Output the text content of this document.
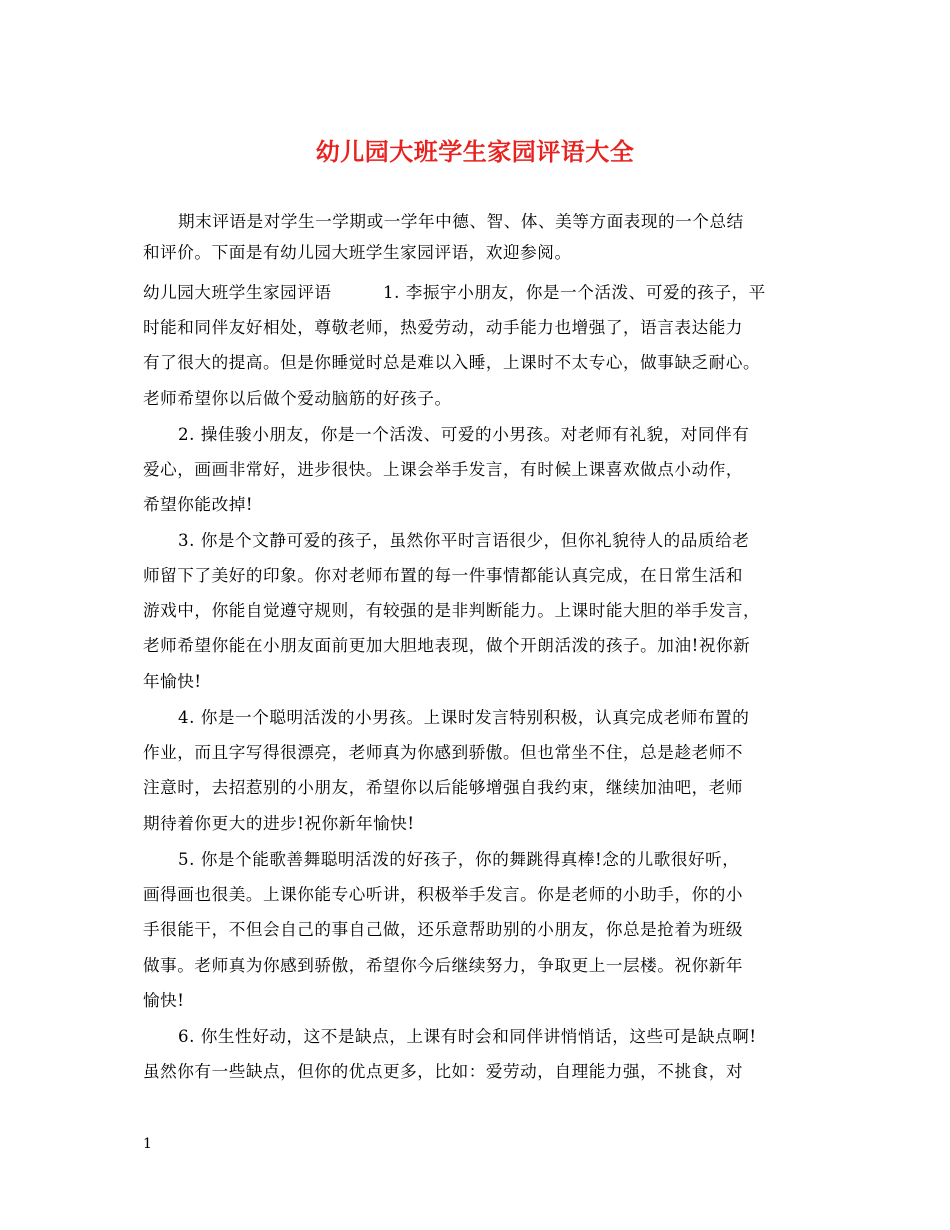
幼儿园大班学生家园评语大全
期末评语是对学生一学期或一学年中德、智、体、美等方面表现的一个总结
和评价。下面是有幼儿园大班学生家园评语，欢迎参阅。
幼儿园大班学生家园评语　　　1. 李振宇小朋友，你是一个活泼、可爱的孩子，平
时能和同伴友好相处，尊敬老师，热爱劳动，动手能力也增强了，语言表达能力
有了很大的提高。但是你睡觉时总是难以入睡，上课时不太专心，做事缺乏耐心。
老师希望你以后做个爱动脑筋的好孩子。
2. 操佳骏小朋友，你是一个活泼、可爱的小男孩。对老师有礼貌，对同伴有
爱心，画画非常好，进步很快。上课会举手发言，有时候上课喜欢做点小动作，
希望你能改掉!
3. 你是个文静可爱的孩子，虽然你平时言语很少，但你礼貌待人的品质给老
师留下了美好的印象。你对老师布置的每一件事情都能认真完成，在日常生活和
游戏中，你能自觉遵守规则，有较强的是非判断能力。上课时能大胆的举手发言，
老师希望你能在小朋友面前更加大胆地表现，做个开朗活泼的孩子。加油!祝你新
年愉快!
4. 你是一个聪明活泼的小男孩。上课时发言特别积极，认真完成老师布置的
作业，而且字写得很漂亮，老师真为你感到骄傲。但也常坐不住，总是趁老师不
注意时，去招惹别的小朋友，希望你以后能够增强自我约束，继续加油吧，老师
期待着你更大的进步!祝你新年愉快!
5. 你是个能歌善舞聪明活泼的好孩子，你的舞跳得真棒!念的儿歌很好听，
画得画也很美。上课你能专心听讲，积极举手发言。你是老师的小助手，你的小
手很能干，不但会自己的事自己做，还乐意帮助别的小朋友，你总是抢着为班级
做事。老师真为你感到骄傲，希望你今后继续努力，争取更上一层楼。祝你新年
愉快!
6. 你生性好动，这不是缺点，上课有时会和同伴讲悄悄话，这些可是缺点啊!
虽然你有一些缺点，但你的优点更多，比如：爱劳动，自理能力强，不挑食，对
1
